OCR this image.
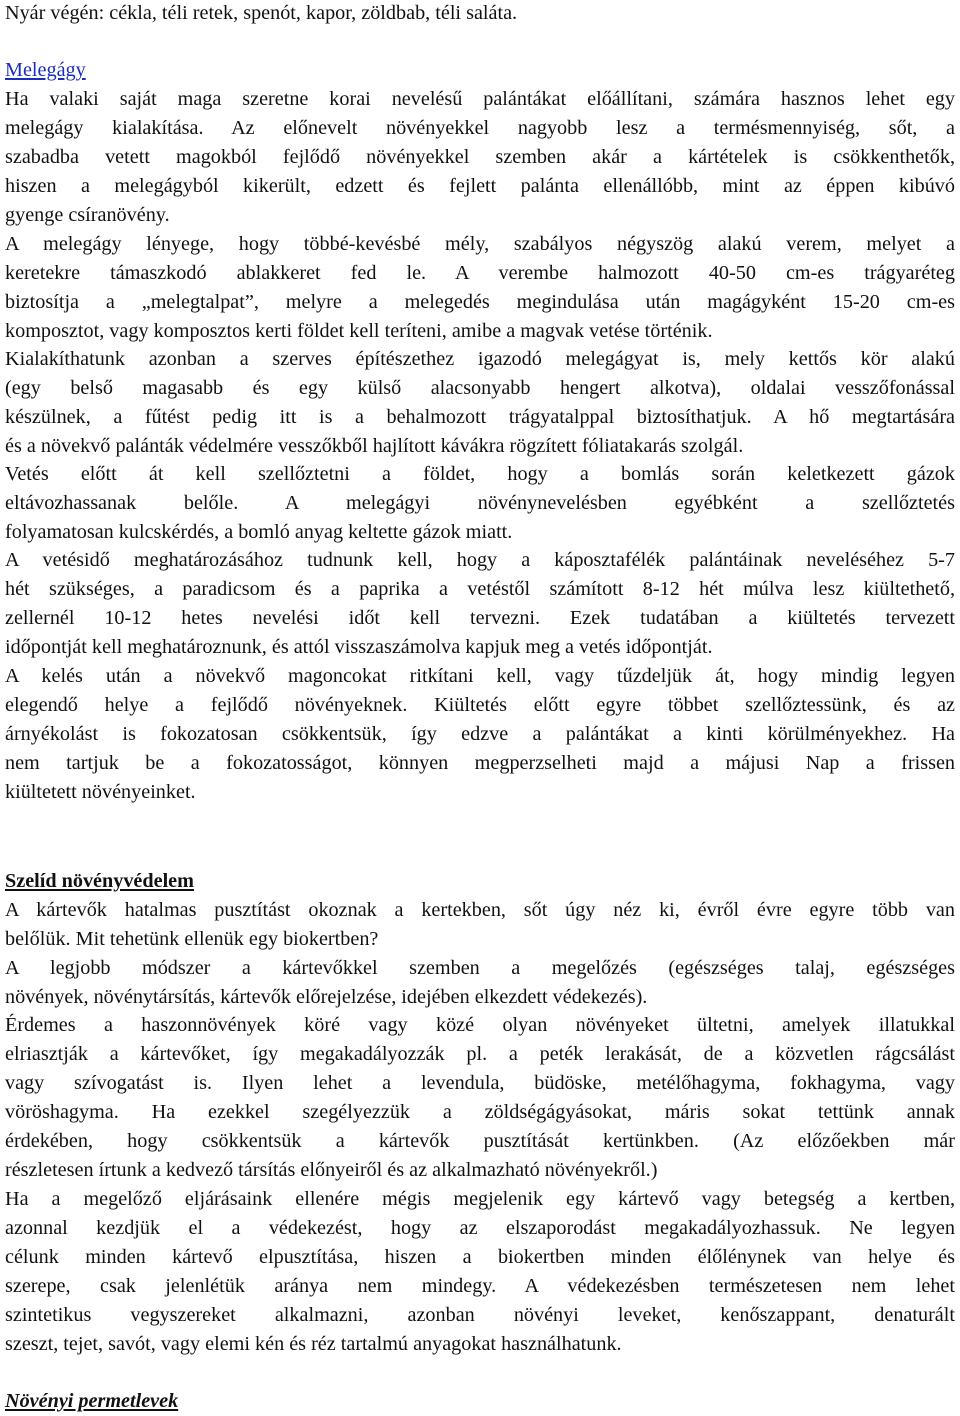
Nyár végén: cékla, téli retek, spenót, kapor, zöldbab, téli saláta.
Melegágy
Ha valaki saját maga szeretne korai nevelésű palántákat előállítani, számára hasznos lehet egy
melegágy kialakítása. Az előnevelt növényekkel nagyobb lesz a termésmennyiség, sőt, a
szabadba vetett magokból fejlődő növényekkel szemben akár a kártételek is csökkenthetők,
hiszen a melegágyból kikerült, edzett és fejlett palánta ellenállóbb, mint az éppen kibúvó
gyenge csíranövény.
A melegágy lényege, hogy többé-kevésbé mély, szabályos négyszög alakú verem, melyet a
keretekre támaszkodó ablakkeret fed le. A verembe halmozott 40-50 cm-es trágyaréteg
biztosítja a „melegtalpat”, melyre a melegedés megindulása után magágyként 15-20 cm-es
komposztot, vagy komposztos kerti földet kell teríteni, amibe a magvak vetése történik.
Kialakíthatunk azonban a szerves építészethez igazodó melegágyat is, mely kettős kör alakú
(egy belső magasabb és egy külső alacsonyabb hengert alkotva), oldalai vesszőfonással
készülnek, a fűtést pedig itt is a behalmozott trágyatalppal biztosíthatjuk. A hő megtartására
és a növekvő palánták védelmére vesszőkből hajlított kávákra rögzített fóliatakarás szolgál.
Vetés előtt át kell szellőztetni a földet, hogy a bomlás során keletkezett gázok
eltávozhassanak belőle. A melegágyi növénynevelésben egyébként a szellőztetés
folyamatosan kulcskérdés, a bomló anyag keltette gázok miatt.
A vetésidő meghatározásához tudnunk kell, hogy a káposztafélék palántáinak neveléséhez 5-7
hét szükséges, a paradicsom és a paprika a vetéstől számított 8-12 hét múlva lesz kiültethető,
zellernél 10-12 hetes nevelési időt kell tervezni. Ezek tudatában a kiültetés tervezett
időpontját kell meghatároznunk, és attól visszaszámolva kapjuk meg a vetés időpontját.
A kelés után a növekvő magoncokat ritkítani kell, vagy tűzdeljük át, hogy mindig legyen
elegendő helye a fejlődő növényeknek. Kiültetés előtt egyre többet szellőztessünk, és az
árnyékolást is fokozatosan csökkentsük, így edzve a palántákat a kinti körülményekhez. Ha
nem tartjuk be a fokozatosságot, könnyen megperzselheti majd a májusi Nap a frissen
kiültetett növényeinket.
Szelíd növényvédelem
A kártevők hatalmas pusztítást okoznak a kertekben, sőt úgy néz ki, évről évre egyre több van
belőlük. Mit tehetünk ellenük egy biokertben?
A legjobb módszer a kártevőkkel szemben a megelőzés (egészséges talaj, egészséges
növények, növénytársítás, kártevők előrejelzése, idejében elkezdett védekezés).
Érdemes a haszonnövények köré vagy közé olyan növényeket ültetni, amelyek illatukkal
elriasztják a kártevőket, így megakadályozzák pl. a peték lerakását, de a közvetlen rágcsálást
vagy szívogatást is. Ilyen lehet a levendula, büdöske, metélőhagyma, fokhagyma, vagy
vöröshagyma. Ha ezekkel szegélyezzük a zöldségágyásokat, máris sokat tettünk annak
érdekében, hogy csökkentsük a kártevők pusztítását kertünkben. (Az előzőekben már
részletesen írtunk a kedvező társítás előnyeiről és az alkalmazható növényekről.)
Ha a megelőző eljárásaink ellenére mégis megjelenik egy kártevő vagy betegség a kertben,
azonnal kezdjük el a védekezést, hogy az elszaporodást megakadályozhassuk. Ne legyen
célunk minden kártevő elpusztítása, hiszen a biokertben minden élőlénynek van helye és
szerepe, csak jelenlétük aránya nem mindegy. A védekezésben természetesen nem lehet
szintetikus vegyszereket alkalmazni, azonban növényi leveket, kenőszappant, denaturált
szeszt, tejet, savót, vagy elemi kén és réz tartalmú anyagokat használhatunk.
Növényi permetlevek
